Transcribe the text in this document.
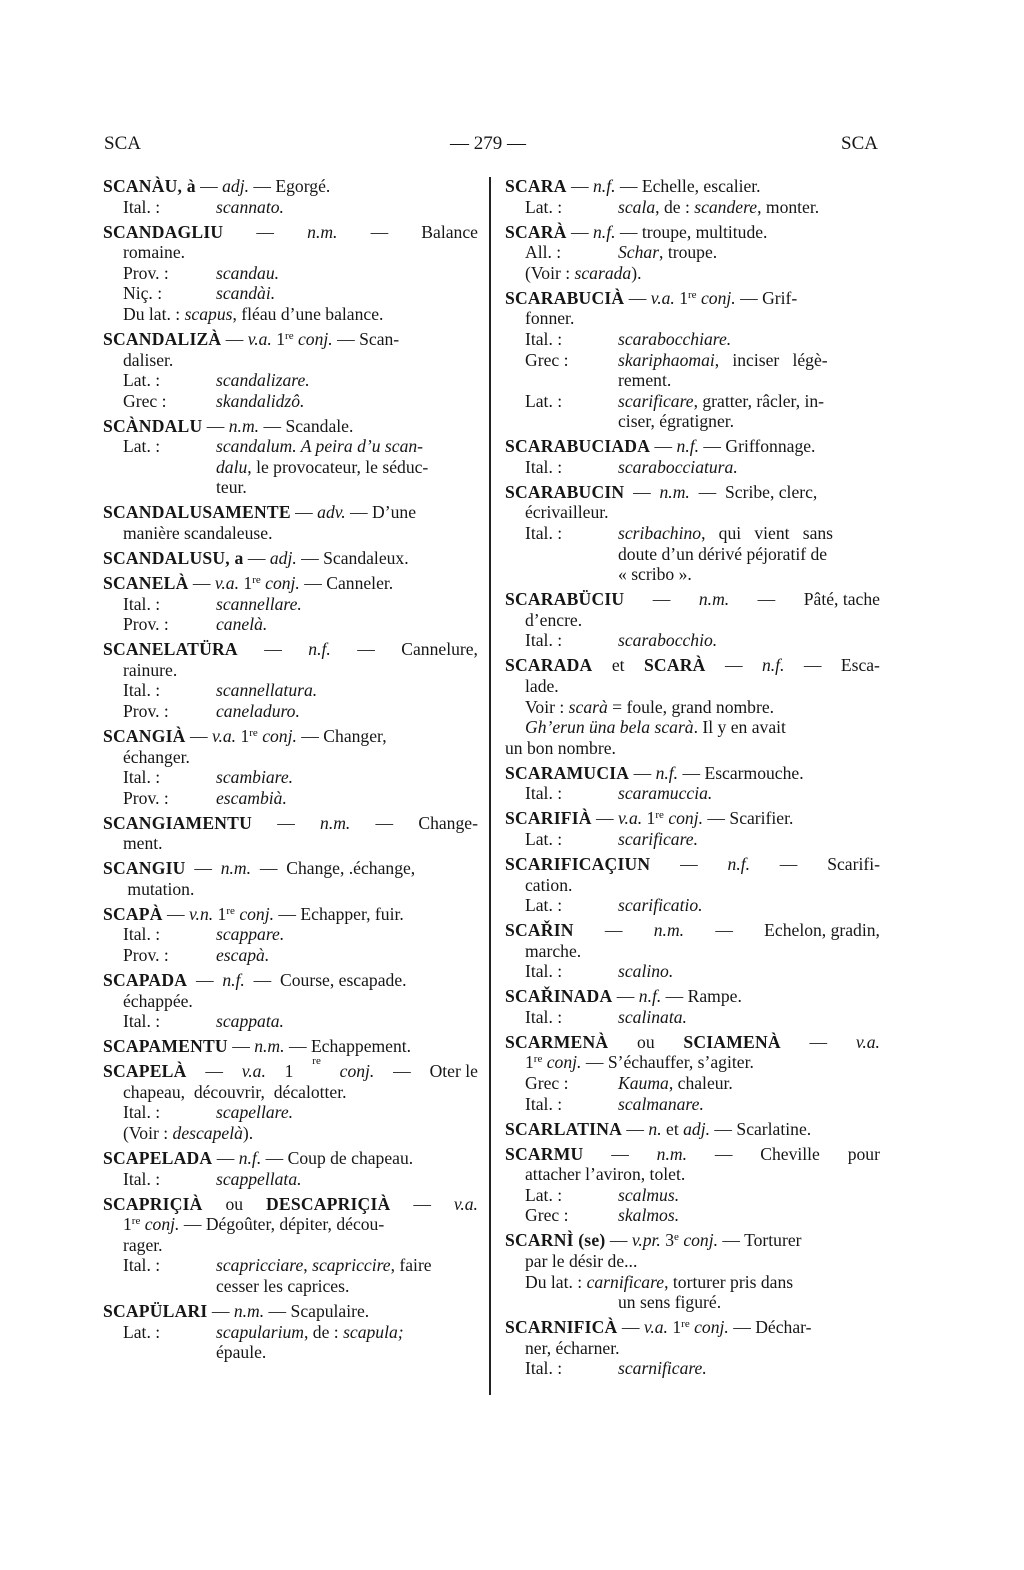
SCA	— 279 —	SCA
SCANÀU, à — adj. — Egorgé.
Ital. :	scannato.
SCANDAGLIU — n.m. — Balance
romaine.
Prov. :	scandau.
Niç. :	scandài.
Du lat. : scapus, fléau d’une balance.
SCANDALIZÀ — v.a. 1re conj. — Scan-
daliser.
Lat. :	scandalizare.
Grec :	skandalidzô.
SCÀNDALU — n.m. — Scandale.
Lat. :	scandalum. A peira d’u scan-
dalu, le provocateur, le séduc-
teur.
SCANDALUSAMENTE — adv. — D’une
manière scandaleuse.
SCANDALUSU, a — adj. — Scandaleux.
SCANELÀ — v.a. 1re conj. — Canneler.
Ital. :	scannellare.
Prov. :	canelà.
SCANELATÜRA — n.f. — Cannelure,
rainure.
Ital. :	scannellatura.
Prov. :	caneladuro.
SCANGIÀ — v.a. 1re conj. — Changer,
échanger.
Ital. :	scambiare.
Prov. :	escambià.
SCANGIAMENTU — n.m. — Change-
ment.
SCANGIU  —  n.m.  —  Change, .échange,
mutation.
SCAPÀ — v.n. 1re conj. — Echapper, fuir.
Ital. :	scappare.
Prov. :	escapà.
SCAPADA  —  n.f.  —  Course, escapade.
échappée.
Ital. :	scappata.
SCAPAMENTU — n.m. — Echappement.
SCAPELÀ — v.a. 1 re conj. — Oter le
chapeau,  découvrir,  décalotter.
Ital. :	scapellare.
(Voir : descapelà).
SCAPELADA — n.f. — Coup de chapeau.
Ital. :	scappellata.
SCAPRIÇIÀ ou DESCAPRIÇIÀ — v.a.
1re conj. — Dégoûter, dépiter, décou-
rager.
Ital. :	scapricciare, scapriccire, faire
cesser les caprices.
SCAPÜLARI — n.m. — Scapulaire.
Lat. :	scapularium, de : scapula;
épaule.
SCARA — n.f. — Echelle, escalier.
Lat. :	scala, de : scandere, monter.
SCARÀ — n.f. — troupe, multitude.
All. :	Schar, troupe.
(Voir : scarada).
SCARABUCIÀ — v.a. 1re conj. — Grif-
fonner.
Ital. :	scarabocchiare.
Grec :	skariphaomai,   inciser   légè-
rement.
Lat. :	scarificare, gratter, râcler, in-
ciser, égratigner.
SCARABUCIADA — n.f. — Griffonnage.
Ital. :	scarabocciatura.
SCARABUCIN  —  n.m.  —  Scribe, clerc,
écrivailleur.
Ital. :	scribachino,   qui   vient   sans
doute d’un dérivé péjoratif de
« scribo ».
SCARABÜCIU — n.m. — Pâté, tache
d’encre.
Ital. :	scarabocchio.
SCARADA et SCARÀ — n.f. — Esca-
lade.
Voir : scarà = foule, grand nombre.
Gh’erun üna bela scarà. Il y en avait
un bon nombre.
SCARAMUCIA — n.f. — Escarmouche.
Ital. :	scaramuccia.
SCARIFIÀ — v.a. 1re conj. — Scarifier.
Lat. :	scarificare.
SCARIFICAÇIUN — n.f. — Scarifi-
cation.
Lat. :	scarificatio.
SCAŘIN — n.m. — Echelon, gradin,
marche.
Ital. :	scalino.
SCAŘINADA — n.f. — Rampe.
Ital. :	scalinata.
SCARMENÀ ou SCIAMENÀ — v.a.
1re conj. — S’échauffer, s’agiter.
Grec :	Kauma, chaleur.
Ital. :	scalmanare.
SCARLATINA — n. et adj. — Scarlatine.
SCARMU — n.m. — Cheville pour
attacher l’aviron, tolet.
Lat. :	scalmus.
Grec :	skalmos.
SCARNÌ (se) — v.pr. 3e conj. — Torturer
par le désir de...
Du lat. : carnificare, torturer pris dans
un sens figuré.
SCARNIFICÀ — v.a. 1re conj. — Déchar-
ner, écharner.
Ital. :	scarnificare.
